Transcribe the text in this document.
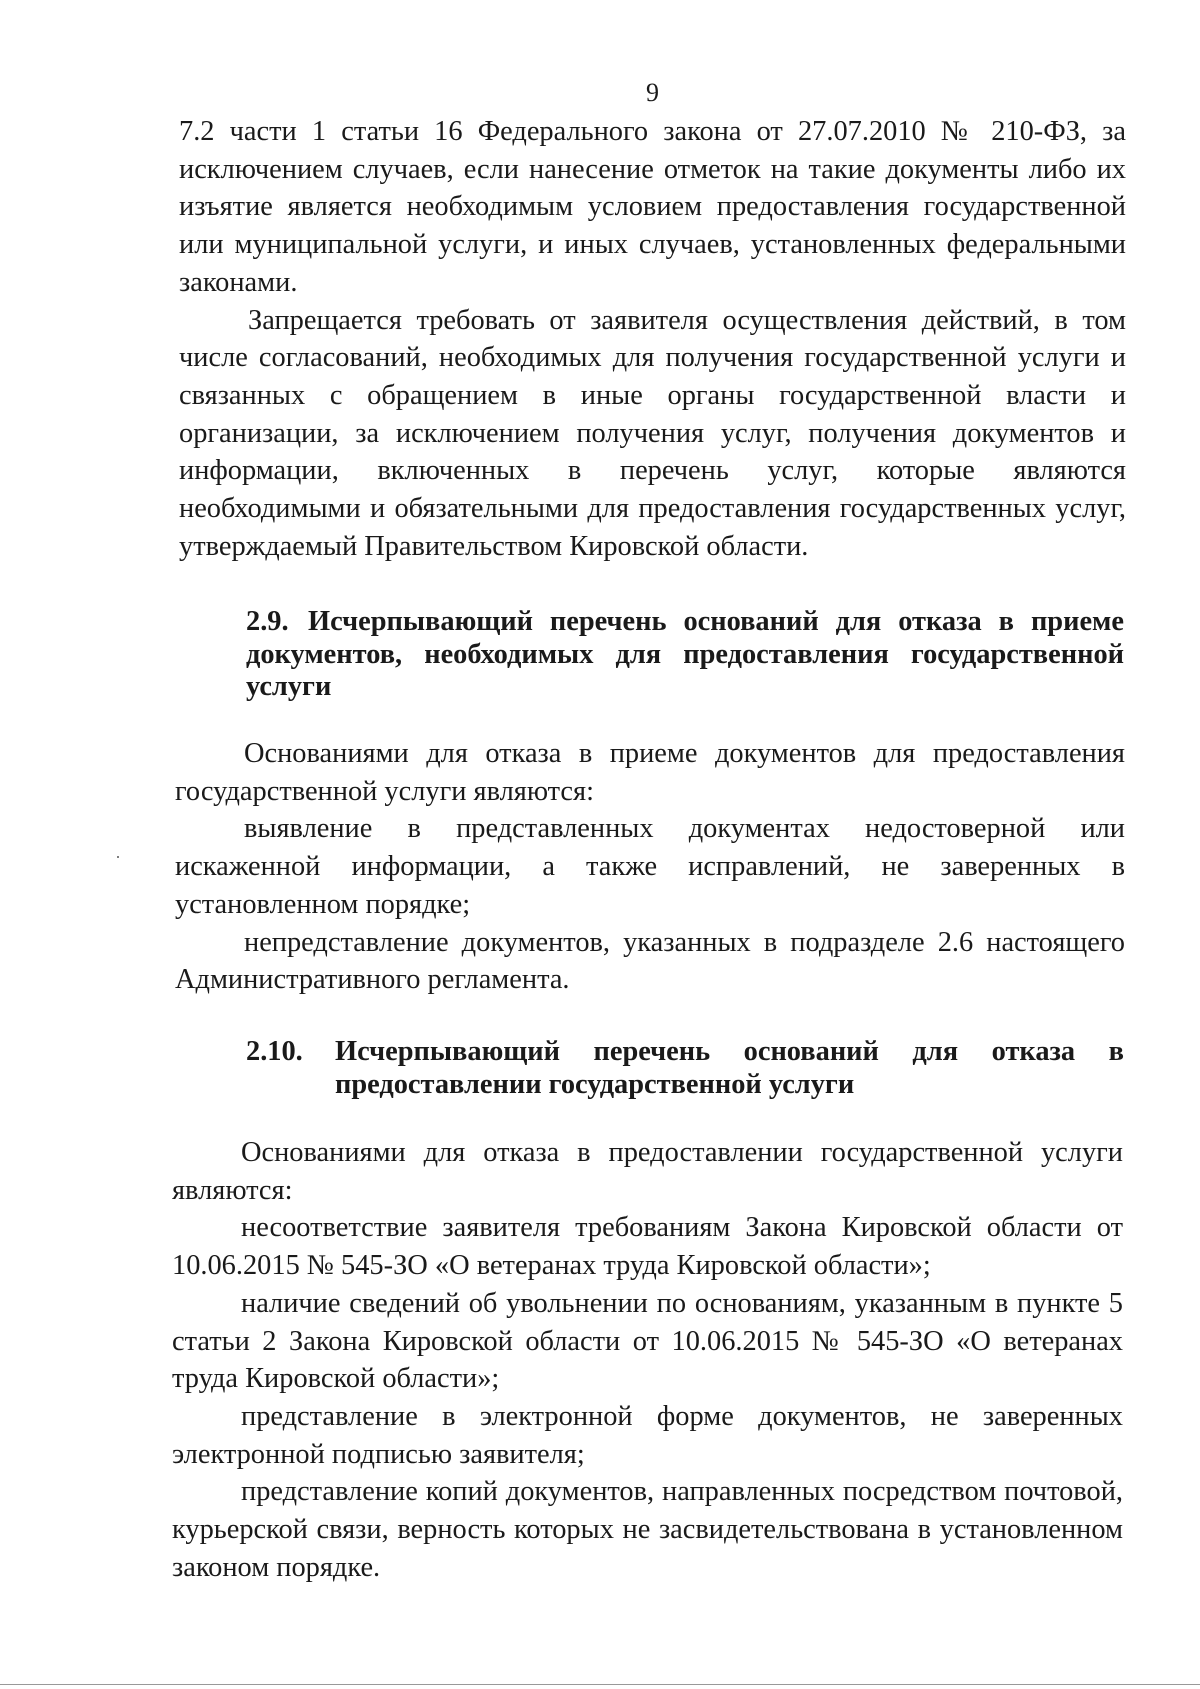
9

7.2 части 1 статьи 16 Федерального закона от 27.07.2010 № 210-ФЗ, за исключением случаев, если нанесение отметок на такие документы либо их изъятие является необходимым условием предоставления государственной или муниципальной услуги, и иных случаев, установленных федеральными законами.

Запрещается требовать от заявителя осуществления действий, в том числе согласований, необходимых для получения государственной услуги и связанных с обращением в иные органы государственной власти и организации, за исключением получения услуг, получения документов и информации, включенных в перечень услуг, которые являются необходимыми и обязательными для предоставления государственных услуг, утверждаемый Правительством Кировской области.

2.9. Исчерпывающий перечень оснований для отказа в приеме документов, необходимых для предоставления государственной услуги

Основаниями для отказа в приеме документов для предоставления государственной услуги являются:

выявление в представленных документах недостоверной или искаженной информации, а также исправлений, не заверенных в установленном порядке;

непредставление документов, указанных в подразделе 2.6 настоящего Административного регламента.

2.10.	Исчерпывающий перечень оснований для отказа в предоставлении государственной услуги

Основаниями для отказа в предоставлении государственной услуги являются:

несоответствие заявителя требованиям Закона Кировской области от 10.06.2015 № 545-ЗО «О ветеранах труда Кировской области»;

наличие сведений об увольнении по основаниям, указанным в пункте 5 статьи 2 Закона Кировской области от 10.06.2015 № 545-ЗО «О ветеранах труда Кировской области»;

представление в электронной форме документов, не заверенных электронной подписью заявителя;

представление копий документов, направленных посредством почтовой, курьерской связи, верность которых не засвидетельствована в установленном законом порядке.
